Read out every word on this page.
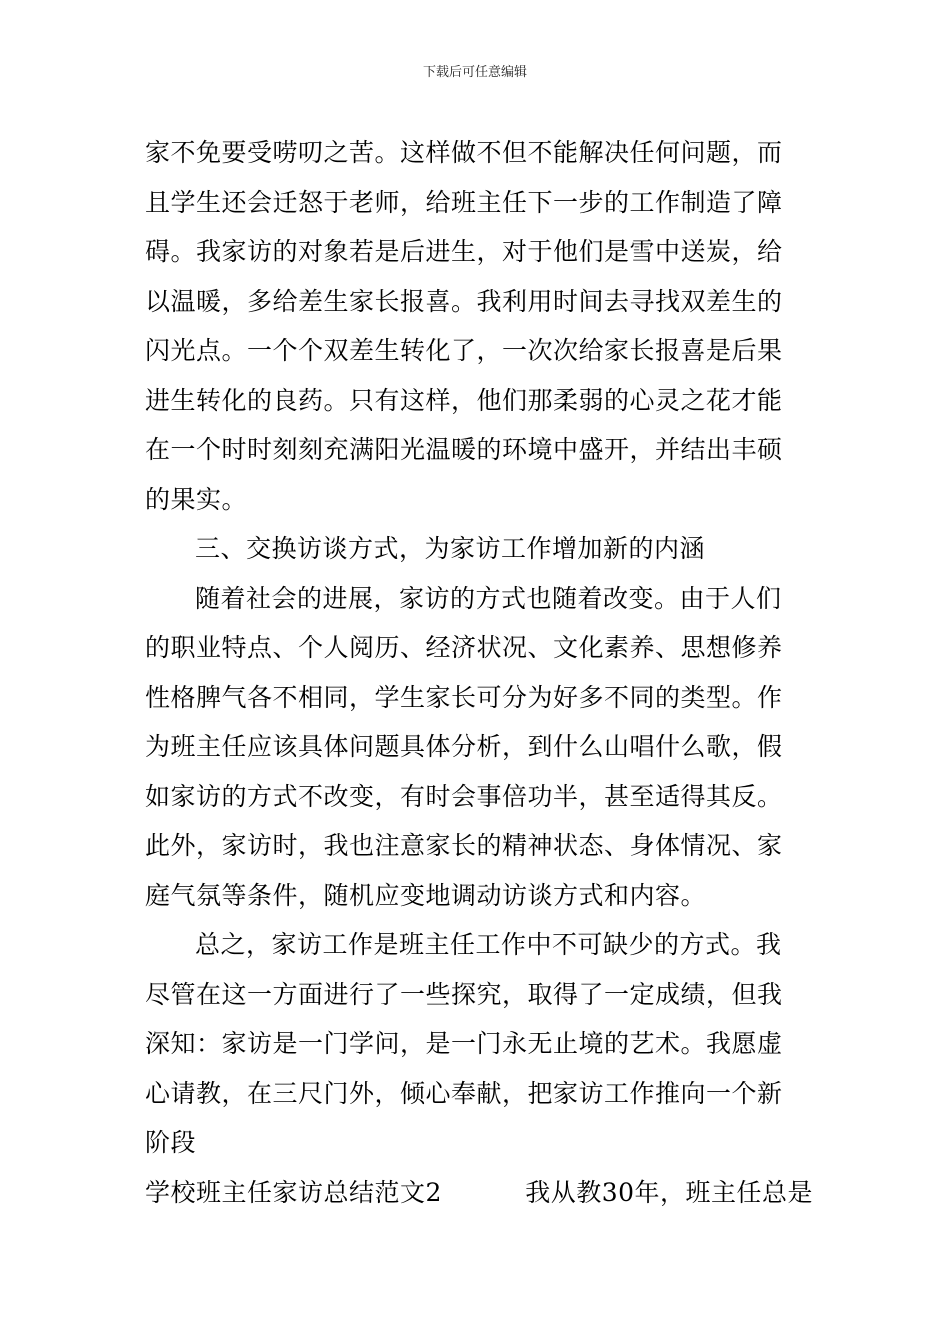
下载后可任意编辑
家不免要受唠叨之苦。这样做不但不能解决任何问题，而
且学生还会迁怒于老师，给班主任下一步的工作制造了障
碍。我家访的对象若是后进生，对于他们是雪中送炭，给
以温暖，多给差生家长报喜。我利用时间去寻找双差生的
闪光点。一个个双差生转化了，一次次给家长报喜是后果
进生转化的良药。只有这样，他们那柔弱的心灵之花才能
在一个时时刻刻充满阳光温暖的环境中盛开，并结出丰硕
的果实。
三、交换访谈方式，为家访工作增加新的内涵
随着社会的进展，家访的方式也随着改变。由于人们
的职业特点、个人阅历、经济状况、文化素养、思想修养
性格脾气各不相同，学生家长可分为好多不同的类型。作
为班主任应该具体问题具体分析，到什么山唱什么歌，假
如家访的方式不改变，有时会事倍功半，甚至适得其反。
此外，家访时，我也注意家长的精神状态、身体情况、家
庭气氛等条件，随机应变地调动访谈方式和内容。
总之，家访工作是班主任工作中不可缺少的方式。我
尽管在这一方面进行了一些探究，取得了一定成绩，但我
深知：家访是一门学问，是一门永无止境的艺术。我愿虚
心请教，在三尺门外，倾心奉献，把家访工作推向一个新
阶段
学校班主任家访总结范文2	我从教30年，班主任总是
